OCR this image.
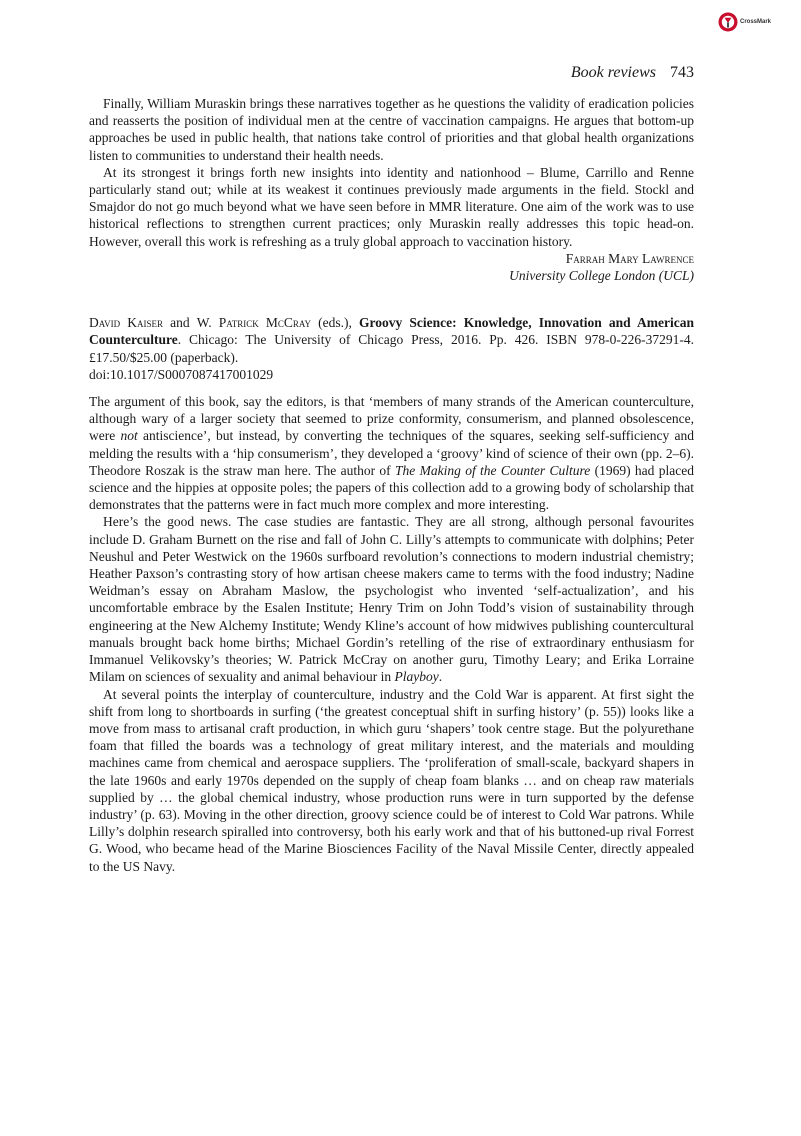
CrossMark
Book reviews 743

Finally, William Muraskin brings these narratives together as he questions the validity of eradication policies and reasserts the position of individual men at the centre of vaccination campaigns. He argues that bottom-up approaches be used in public health, that nations take control of priorities and that global health organizations listen to communities to understand their health needs.

At its strongest it brings forth new insights into identity and nationhood – Blume, Carrillo and Renne particularly stand out; while at its weakest it continues previously made arguments in the field. Stockl and Smajdor do not go much beyond what we have seen before in MMR literature. One aim of the work was to use historical reflections to strengthen current practices; only Muraskin really addresses this topic head-on. However, overall this work is refreshing as a truly global approach to vaccination history.

Farrah Mary Lawrence
University College London (UCL)

David Kaiser and W. Patrick McCray (eds.), Groovy Science: Knowledge, Innovation and American Counterculture. Chicago: The University of Chicago Press, 2016. Pp. 426. ISBN 978-0-226-37291-4. £17.50/$25.00 (paperback).

doi:10.1017/S0007087417001029

The argument of this book, say the editors, is that ‘members of many strands of the American counterculture, although wary of a larger society that seemed to prize conformity, consumerism, and planned obsolescence, were not antiscience’, but instead, by converting the techniques of the squares, seeking self-sufficiency and melding the results with a ‘hip consumerism’, they developed a ‘groovy’ kind of science of their own (pp. 2–6). Theodore Roszak is the straw man here. The author of The Making of the Counter Culture (1969) had placed science and the hippies at opposite poles; the papers of this collection add to a growing body of scholarship that demonstrates that the patterns were in fact much more complex and more interesting.

Here’s the good news. The case studies are fantastic. They are all strong, although personal favourites include D. Graham Burnett on the rise and fall of John C. Lilly’s attempts to communicate with dolphins; Peter Neushul and Peter Westwick on the 1960s surfboard revolution’s connections to modern industrial chemistry; Heather Paxson’s contrasting story of how artisan cheese makers came to terms with the food industry; Nadine Weidman’s essay on Abraham Maslow, the psychologist who invented ‘self-actualization’, and his uncomfortable embrace by the Esalen Institute; Henry Trim on John Todd’s vision of sustainability through engineering at the New Alchemy Institute; Wendy Kline’s account of how midwives publishing countercultural manuals brought back home births; Michael Gordin’s retelling of the rise of extraordinary enthusiasm for Immanuel Velikovsky’s theories; W. Patrick McCray on another guru, Timothy Leary; and Erika Lorraine Milam on sciences of sexuality and animal behaviour in Playboy.

At several points the interplay of counterculture, industry and the Cold War is apparent. At first sight the shift from long to shortboards in surfing (‘the greatest conceptual shift in surfing history’ (p. 55)) looks like a move from mass to artisanal craft production, in which guru ‘shapers’ took centre stage. But the polyurethane foam that filled the boards was a technology of great military interest, and the materials and moulding machines came from chemical and aerospace suppliers. The ‘proliferation of small-scale, backyard shapers in the late 1960s and early 1970s depended on the supply of cheap foam blanks … and on cheap raw materials supplied by … the global chemical industry, whose production runs were in turn supported by the defense industry’ (p. 63). Moving in the other direction, groovy science could be of interest to Cold War patrons. While Lilly’s dolphin research spiralled into controversy, both his early work and that of his buttoned-up rival Forrest G. Wood, who became head of the Marine Biosciences Facility of the Naval Missile Center, directly appealed to the US Navy.
